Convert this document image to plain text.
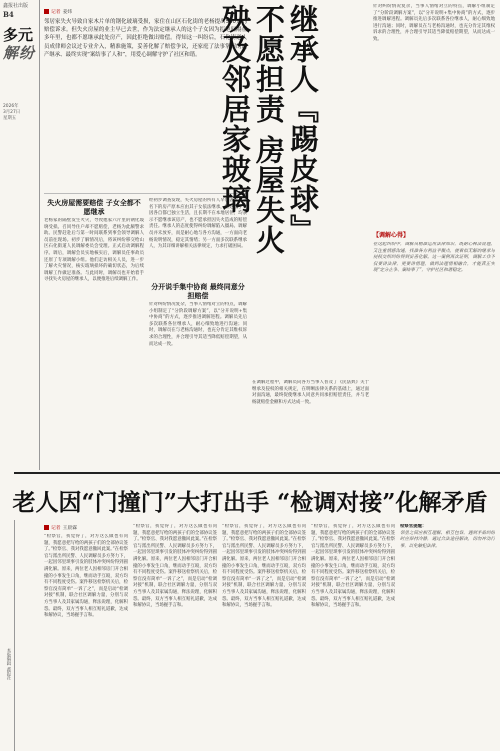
鑫报社出版
B4
多元
解纷
2026年
3月27日
星期五
记者 姜炜
邻居家失火导致自家木片单的钢化玻璃受损，家住在山区石化街的老杨提出500元的赔偿诉求。但失火房屋的业主早已去世，作为法定继承人的这个子女因为拒绝间隔在多年里，也都不愿继承此处房产，因此拒绝做出赔偿。得知这一纠纷后，石化街道人员成律师会议过专业介入，精准施策，妥善化解了赔偿争议，还家庭了法事掌握的遗产继承、最终实现“案结事了人和”，用爱心调解守护了社区和谐。
失火房屋需要赔偿 子女全都不愿继承
老杨家的隔壁发生火灾，导致他家六片里的钢化玻璃受损。召同导住户却不愿赔偿，老杨为此颇警求助。民警赶赴后与第一时间联系到事会领导调解人员前往现场。初步了解情况后，将该纠纷移交给山区石化街道人民调解委员会受理。正式启动调解程序。调后，调解会员实地核实后，调解员任事故员还原了专项调解小组。他们走访相关人员，进一步了解火灾情况，核实玻璃损坏的确切状态，为后续调解工作做足准备。与此同时，调解员也开始着手寻找失火房屋的继承人，以便推进后续调解工作。
经初步调查发现，失火房屋的所有人早已去世，其名下的房产原本应由其子女依法继承，但这些子女因各自都已独立生活，且长期不在本地居住，均表示不愿继承该房产，也不愿承担因失火造成的赔偿责任。继承人的态度使得纠纷调解陷入僵局。调解员并未放弃，而是耐心地与各方沟通，一方面向老杨说明情况，稳定其情绪；另一方面多次联系继承人，为其详细讲解相关法律规定，力求打破困局。
分开说手集中协商 最终同意分担赔偿
针对纠纷情况复杂，当事人情绪对立的特点，调解小组制定了“分阶段调解方案”，以“分开说明+集中协商”的方式，逐步推进调解进程。调解员先后多次联系各位继承人，耐心细致地进行沟通；同时，调解员在与老杨沟通时，也充分肯定其维权诉求的合理性，并合理引导其适当降低赔偿期望，从而达成一致。
继承人『踢皮球』不愿担责 房屋失火殃及邻居家玻璃
在调解过程中，调解员向各方当事人普及了《民法典》关于继承及侵权的相关规定，在明晰法律关系的基础上，通过面对面沟通，最终促使继承人同意共同承担赔偿责任，并与老杨就赔偿金额和方式达成一致。
针对纠纷情况复杂，当事人情绪对立的特点，调解小组制定了“分阶段调解方案”，以“分开说明+集中协商”的方式，逐步推进调解进程。调解员先后多次联系各位继承人，耐心细致地进行沟通；同时，调解员在与老杨沟通时，也充分肯定其维权诉求的合理性，并合理引导其适当降低赔偿期望，从而达成一致。
【调解心得】
在这起纠纷中，调解员精准运用法律知识，既耐心释法说理，又注重情感沟通，找准各方利益平衡点，使看似无解的继承与侵权交织纠纷得到妥善化解。这一案例再次证明，调解工作不仅要讲法律，更要讲情理，做到法理情相融合，才能真正实现“定分止争、案结事了”，守护社区和谐稳定。
老人因“门撞门”大打出手 “检调对接”化解矛盾
记者 王晨霖
本版编辑 鑫报社
“检察官，我觉得了，对方这么做也有问题，我愿意把写给的两孩子们的全部协议签了。”检察官、我对我愿意撤回此案。”在检察官与派出所民警、人民调解员多方努力下，一起因邻里琐事引发的肢体冲突纠纷得到圆满化解。原来，两位老人因相邻房门开合相撞的小事发生口角，继而动手互殴，双方均有不同程度受伤。案件移送检察机关后，检察官没有简单“一诉了之”，而是启动“检调对接”机制，联合社区调解力量，分别与双方当事人及其家属沟通，释法说理，化解积怨。最终，双方当事人相互赔礼道歉，达成和解协议，当场握手言和。
“检察官，我觉得了，对方这么做也有问题，我愿意把写给的两孩子们的全部协议签了。”检察官、我对我愿意撤回此案。”在检察官与派出所民警、人民调解员多方努力下，一起因邻里琐事引发的肢体冲突纠纷得到圆满化解。原来，两位老人因相邻房门开合相撞的小事发生口角，继而动手互殴，双方均有不同程度受伤。案件移送检察机关后，检察官没有简单“一诉了之”，而是启动“检调对接”机制，联合社区调解力量，分别与双方当事人及其家属沟通，释法说理，化解积怨。最终，双方当事人相互赔礼道歉，达成和解协议，当场握手言和。
“检察官，我觉得了，对方这么做也有问题，我愿意把写给的两孩子们的全部协议签了。”检察官、我对我愿意撤回此案。”在检察官与派出所民警、人民调解员多方努力下，一起因邻里琐事引发的肢体冲突纠纷得到圆满化解。原来，两位老人因相邻房门开合相撞的小事发生口角，继而动手互殴，双方均有不同程度受伤。案件移送检察机关后，检察官没有简单“一诉了之”，而是启动“检调对接”机制，联合社区调解力量，分别与双方当事人及其家属沟通，释法说理，化解积怨。最终，双方当事人相互赔礼道歉，达成和解协议，当场握手言和。
“检察官，我觉得了，对方这么做也有问题，我愿意把写给的两孩子们的全部协议签了。”检察官、我对我愿意撤回此案。”在检察官与派出所民警、人民调解员多方努力下，一起因邻里琐事引发的肢体冲突纠纷得到圆满化解。原来，两位老人因相邻房门开合相撞的小事发生口角，继而动手互殴，双方均有不同程度受伤。案件移送检察机关后，检察官没有简单“一诉了之”，而是启动“检调对接”机制，联合社区调解力量，分别与双方当事人及其家属沟通，释法说理，化解积怨。最终，双方当事人相互赔礼道歉，达成和解协议，当场握手言和。
检察官提醒：
邻里之间应相互理解、相互包容，遇到矛盾纠纷时应保持冷静，通过合法途径解决，切勿冲动行事，以免触犯法律。
